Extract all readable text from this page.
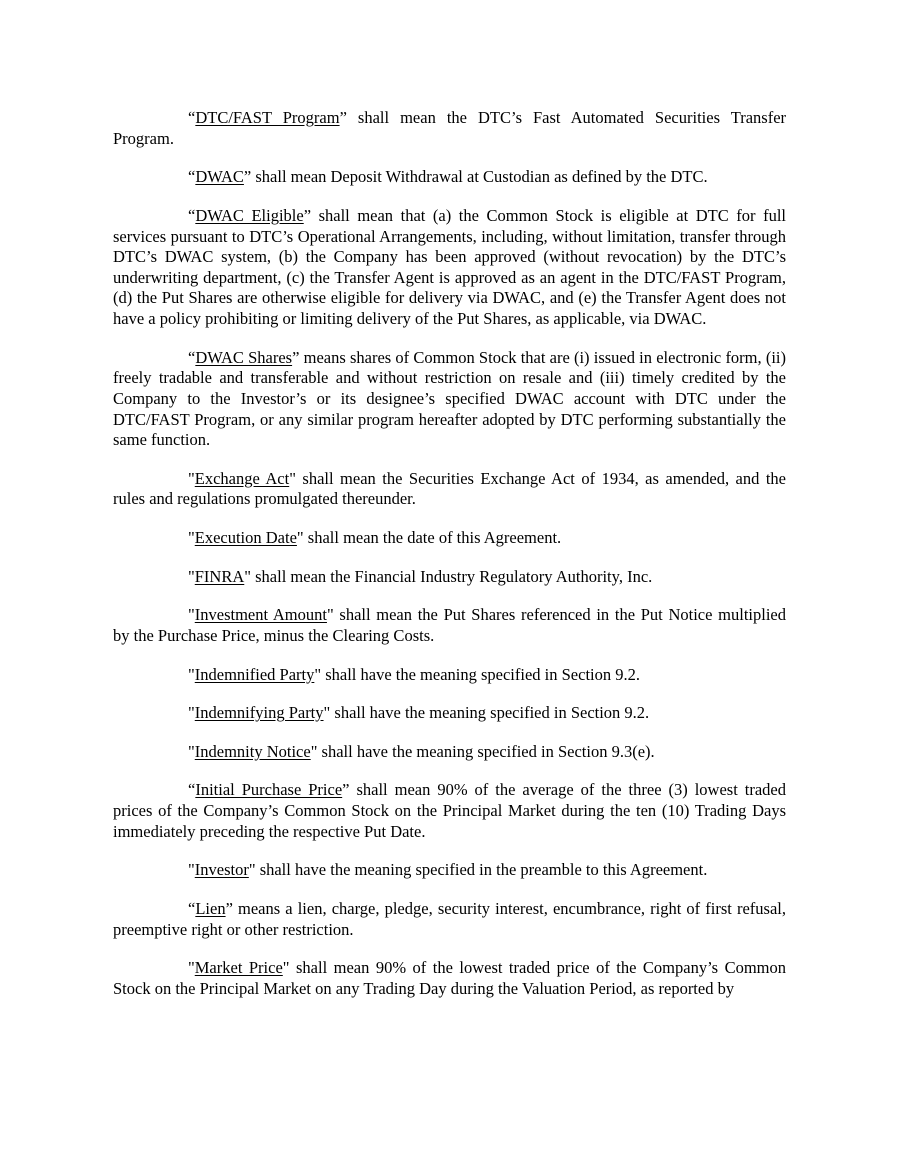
“DTC/FAST Program” shall mean the DTC’s Fast Automated Securities Transfer Program.

“DWAC” shall mean Deposit Withdrawal at Custodian as defined by the DTC.

“DWAC Eligible” shall mean that (a) the Common Stock is eligible at DTC for full services pursuant to DTC’s Operational Arrangements, including, without limitation, transfer through DTC’s DWAC system, (b) the Company has been approved (without revocation) by the DTC’s underwriting department, (c) the Transfer Agent is approved as an agent in the DTC/FAST Program, (d) the Put Shares are otherwise eligible for delivery via DWAC, and (e) the Transfer Agent does not have a policy prohibiting or limiting delivery of the Put Shares, as applicable, via DWAC.

“DWAC Shares” means shares of Common Stock that are (i) issued in electronic form, (ii) freely tradable and transferable and without restriction on resale and (iii) timely credited by the Company to the Investor’s or its designee’s specified DWAC account with DTC under the DTC/FAST Program, or any similar program hereafter adopted by DTC performing substantially the same function.

"Exchange Act" shall mean the Securities Exchange Act of 1934, as amended, and the rules and regulations promulgated thereunder.

"Execution Date" shall mean the date of this Agreement.

"FINRA" shall mean the Financial Industry Regulatory Authority, Inc.

"Investment Amount" shall mean the Put Shares referenced in the Put Notice multiplied by the Purchase Price, minus the Clearing Costs.

"Indemnified Party" shall have the meaning specified in Section 9.2.

"Indemnifying Party" shall have the meaning specified in Section 9.2.

"Indemnity Notice" shall have the meaning specified in Section 9.3(e).

“Initial Purchase Price” shall mean 90% of the average of the three (3) lowest traded prices of the Company’s Common Stock on the Principal Market during the ten (10) Trading Days immediately preceding the respective Put Date.

"Investor" shall have the meaning specified in the preamble to this Agreement.

“Lien” means a lien, charge, pledge, security interest, encumbrance, right of first refusal, preemptive right or other restriction.

"Market Price" shall mean 90% of the lowest traded price of the Company’s Common Stock on the Principal Market on any Trading Day during the Valuation Period, as reported by
